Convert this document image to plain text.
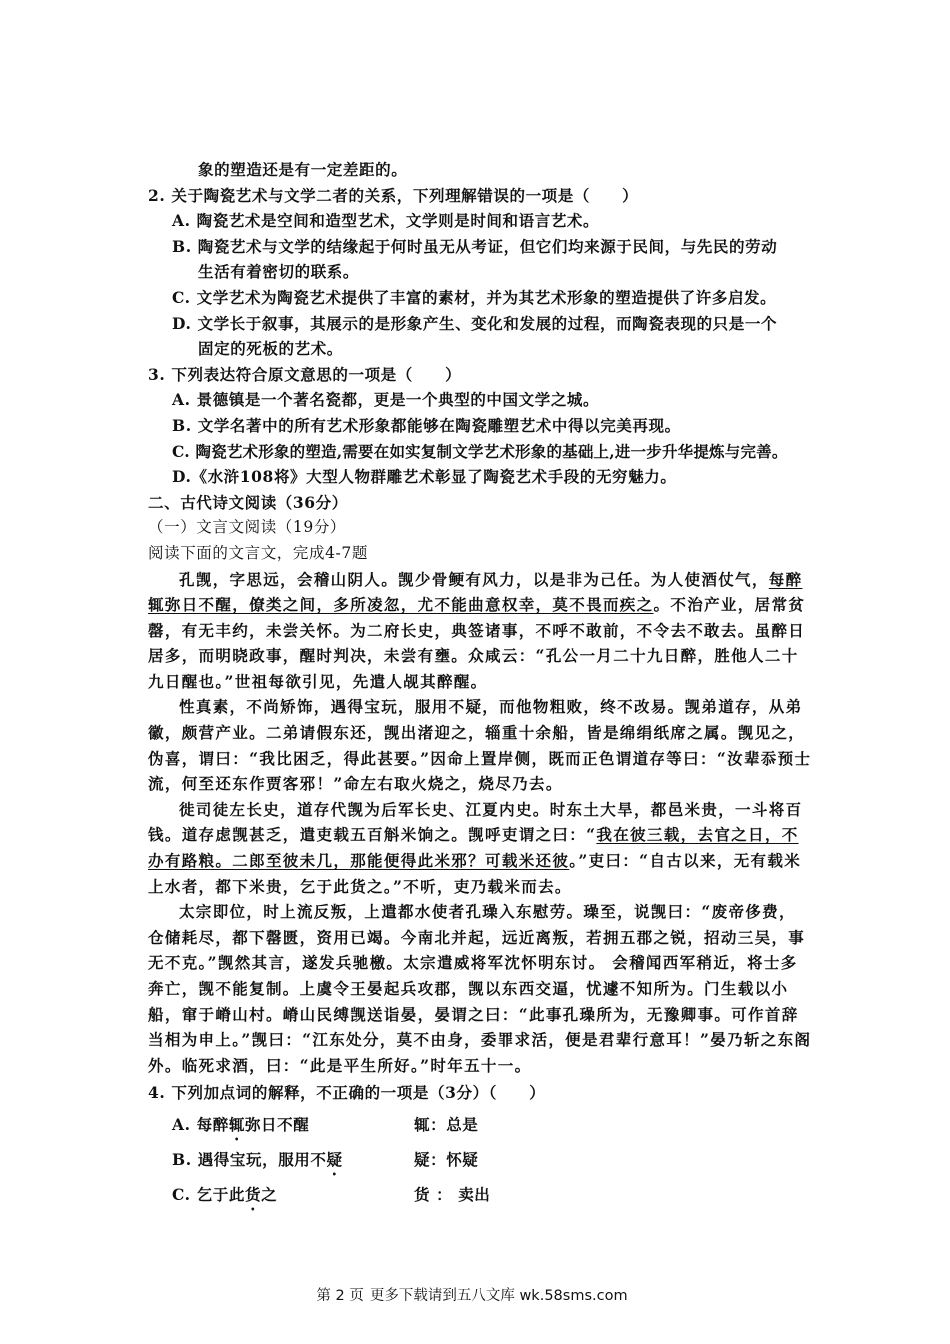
象的塑造还是有一定差距的。
2. 关于陶瓷艺术与文学二者的关系，下列理解错误的一项是（　　）
A. 陶瓷艺术是空间和造型艺术，文学则是时间和语言艺术。
B. 陶瓷艺术与文学的结缘起于何时虽无从考证，但它们均来源于民间，与先民的劳动
生活有着密切的联系。
C. 文学艺术为陶瓷艺术提供了丰富的素材，并为其艺术形象的塑造提供了许多启发。
D. 文学长于叙事，其展示的是形象产生、变化和发展的过程，而陶瓷表现的只是一个
固定的死板的艺术。
3. 下列表达符合原文意思的一项是（　　）
A. 景德镇是一个著名瓷都，更是一个典型的中国文学之城。
B. 文学名著中的所有艺术形象都能够在陶瓷雕塑艺术中得以完美再现。
C. 陶瓷艺术形象的塑造,需要在如实复制文学艺术形象的基础上,进一步升华提炼与完善。
D.《水浒108将》大型人物群雕艺术彰显了陶瓷艺术手段的无穷魅力。
二、古代诗文阅读（36分）
（一）文言文阅读（19分）
阅读下面的文言文，完成4-7题
孔觊，字思远，会稽山阴人。觊少骨鲠有风力，以是非为己任。为人使酒仗气，每醉辄弥日不醒，僚类之间，多所凌忽，尤不能曲意权幸，莫不畏而疾之。不治产业，居常贫罄，有无丰约，未尝关怀。为二府长史，典签诸事，不呼不敢前，不令去不敢去。虽醉日居多，而明晓政事，醒时判决，未尝有壅。众咸云：“孔公一月二十九日醉，胜他人二十九日醒也。”世祖每欲引见，先遣人觇其醉醒。
性真素，不尚矫饰，遇得宝玩，服用不疑，而他物粗败，终不改易。觊弟道存，从弟徽，颇营产业。二弟请假东还，觊出渚迎之，辎重十余船，皆是绵绢纸席之属。觊见之，伪喜，谓曰：“我比困乏，得此甚要。”因命上置岸侧，既而正色谓道存等曰：“汝辈忝预士流，何至还东作贾客邪！”命左右取火烧之，烧尽乃去。
徙司徒左长史，道存代觊为后军长史、江夏内史。时东土大旱，都邑米贵，一斗将百钱。道存虑觊甚乏，遣吏载五百斛米饷之。觊呼吏谓之曰：“我在彼三载，去官之日，不办有路粮。二郎至彼未几，那能便得此米邪？可载米还彼。”吏曰：“自古以来，无有载米上水者，都下米贵，乞于此货之。”不听，吏乃载米而去。
太宗即位，时上流反叛，上遣都水使者孔璪入东慰劳。璪至，说觊曰：“废帝侈费，仓储耗尽，都下罄匮，资用已竭。今南北并起，远近离叛，若拥五郡之锐，招动三吴，事无不克。”觊然其言，遂发兵驰檄。太宗遣威将军沈怀明东讨。 会稽闻西军稍近，将士多奔亡，觊不能复制。上虞令王晏起兵攻郡，觊以东西交逼，忧遽不知所为。门生载以小船，窜于嵴山村。嵴山民缚觊送诣晏，晏谓之曰：“此事孔璪所为，无豫卿事。可作首辞当相为申上。”觊曰：“江东处分，莫不由身，委罪求活，便是君辈行意耳！”晏乃斩之东阁外。临死求酒，曰：“此是平生所好。”时年五十一。
4. 下列加点词的解释，不正确的一项是（3分）（　　）
A. 每醉辄弥日不醒	辄：总是
B. 遇得宝玩，服用不疑	疑：怀疑
C. 乞于此货之	货 ： 卖出
第 2 页 更多下载请到五八文库 wk.58sms.com
